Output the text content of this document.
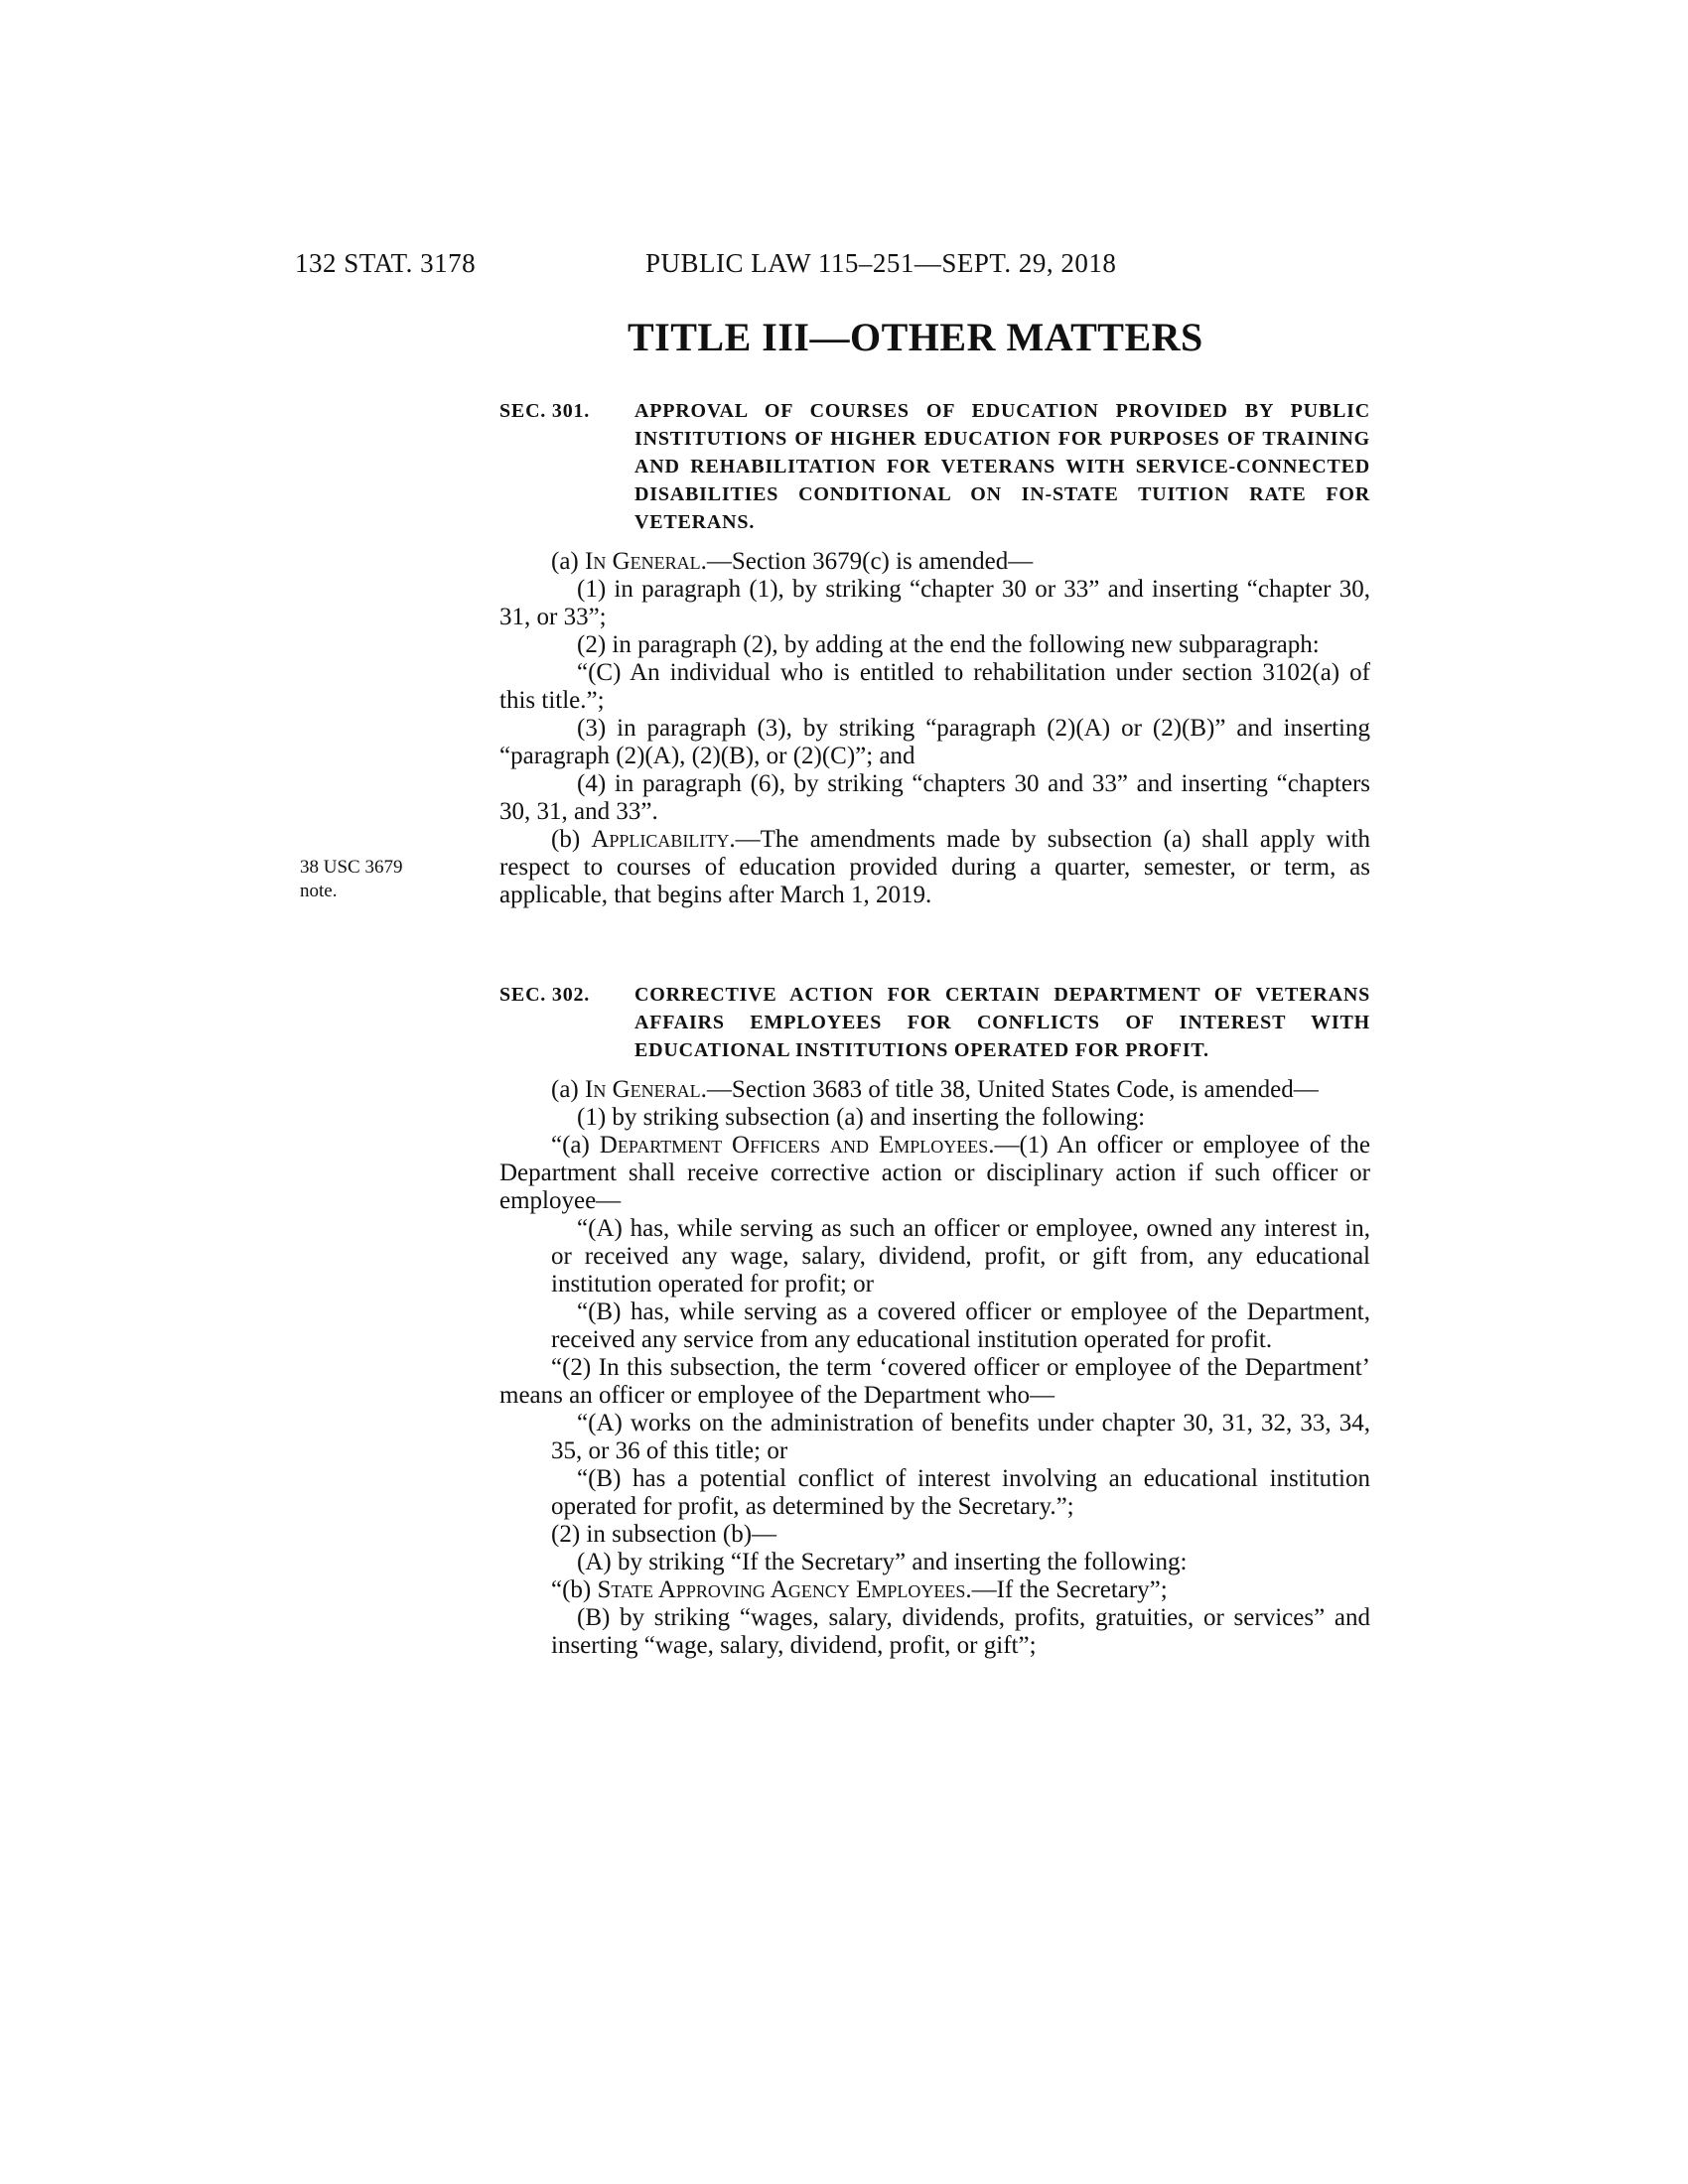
132 STAT. 3178	PUBLIC LAW 115–251—SEPT. 29, 2018
TITLE III—OTHER MATTERS
SEC. 301. APPROVAL OF COURSES OF EDUCATION PROVIDED BY PUBLIC INSTITUTIONS OF HIGHER EDUCATION FOR PURPOSES OF TRAINING AND REHABILITATION FOR VETERANS WITH SERVICE-CONNECTED DISABILITIES CONDITIONAL ON IN-STATE TUITION RATE FOR VETERANS.

(a) In General.—Section 3679(c) is amended—

(1) in paragraph (1), by striking “chapter 30 or 33” and inserting “chapter 30, 31, or 33”;

(2) in paragraph (2), by adding at the end the following new subparagraph:

“(C) An individual who is entitled to rehabilitation under section 3102(a) of this title.”;

(3) in paragraph (3), by striking “paragraph (2)(A) or (2)(B)” and inserting “paragraph (2)(A), (2)(B), or (2)(C)”; and

(4) in paragraph (6), by striking “chapters 30 and 33” and inserting “chapters 30, 31, and 33”.

(b) Applicability.—The amendments made by subsection (a) shall apply with respect to courses of education provided during a quarter, semester, or term, as applicable, that begins after March 1, 2019.

38 USC 3679
note.
SEC. 302. CORRECTIVE ACTION FOR CERTAIN DEPARTMENT OF VETERANS AFFAIRS EMPLOYEES FOR CONFLICTS OF INTEREST WITH EDUCATIONAL INSTITUTIONS OPERATED FOR PROFIT.

(a) In General.—Section 3683 of title 38, United States Code, is amended—

(1) by striking subsection (a) and inserting the following:

“(a) Department Officers and Employees.—(1) An officer or employee of the Department shall receive corrective action or disciplinary action if such officer or employee—

“(A) has, while serving as such an officer or employee, owned any interest in, or received any wage, salary, dividend, profit, or gift from, any educational institution operated for profit; or

“(B) has, while serving as a covered officer or employee of the Department, received any service from any educational institution operated for profit.

“(2) In this subsection, the term ‘covered officer or employee of the Department’ means an officer or employee of the Department who—

“(A) works on the administration of benefits under chapter 30, 31, 32, 33, 34, 35, or 36 of this title; or

“(B) has a potential conflict of interest involving an educational institution operated for profit, as determined by the Secretary.”;

(2) in subsection (b)—

(A) by striking “If the Secretary” and inserting the following:

“(b) State Approving Agency Employees.—If the Secretary”;

(B) by striking “wages, salary, dividends, profits, gratuities, or services” and inserting “wage, salary, dividend, profit, or gift”;
